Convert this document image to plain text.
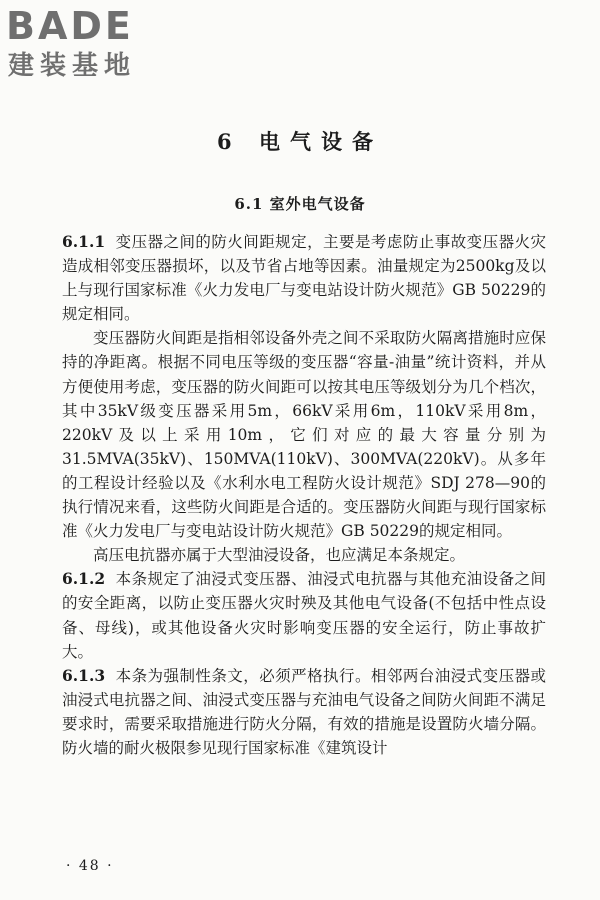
BADE
建装基地
6 电气设备
6.1 室外电气设备

6.1.1 变压器之间的防火间距规定，主要是考虑防止事故变压器火灾造成相邻变压器损坏，以及节省占地等因素。油量规定为2500kg及以上与现行国家标准《火力发电厂与变电站设计防火规范》GB 50229的规定相同。

变压器防火间距是指相邻设备外壳之间不采取防火隔离措施时应保持的净距离。根据不同电压等级的变压器“容量-油量”统计资料，并从方便使用考虑，变压器的防火间距可以按其电压等级划分为几个档次，其中35kV级变压器采用5m，66kV采用6m，110kV采用8m，220kV及以上采用10m，它们对应的最大容量分别为31.5MVA(35kV)、150MVA(110kV)、300MVA(220kV)。从多年的工程设计经验以及《水利水电工程防火设计规范》SDJ 278—90的执行情况来看，这些防火间距是合适的。变压器防火间距与现行国家标准《火力发电厂与变电站设计防火规范》GB 50229的规定相同。

高压电抗器亦属于大型油浸设备，也应满足本条规定。

6.1.2 本条规定了油浸式变压器、油浸式电抗器与其他充油设备之间的安全距离，以防止变压器火灾时殃及其他电气设备(不包括中性点设备、母线)，或其他设备火灾时影响变压器的安全运行，防止事故扩大。

6.1.3 本条为强制性条文，必须严格执行。相邻两台油浸式变压器或油浸式电抗器之间、油浸式变压器与充油电气设备之间防火间距不满足要求时，需要采取措施进行防火分隔，有效的措施是设置防火墙分隔。防火墙的耐火极限参见现行国家标准《建筑设计

· 48 ·
